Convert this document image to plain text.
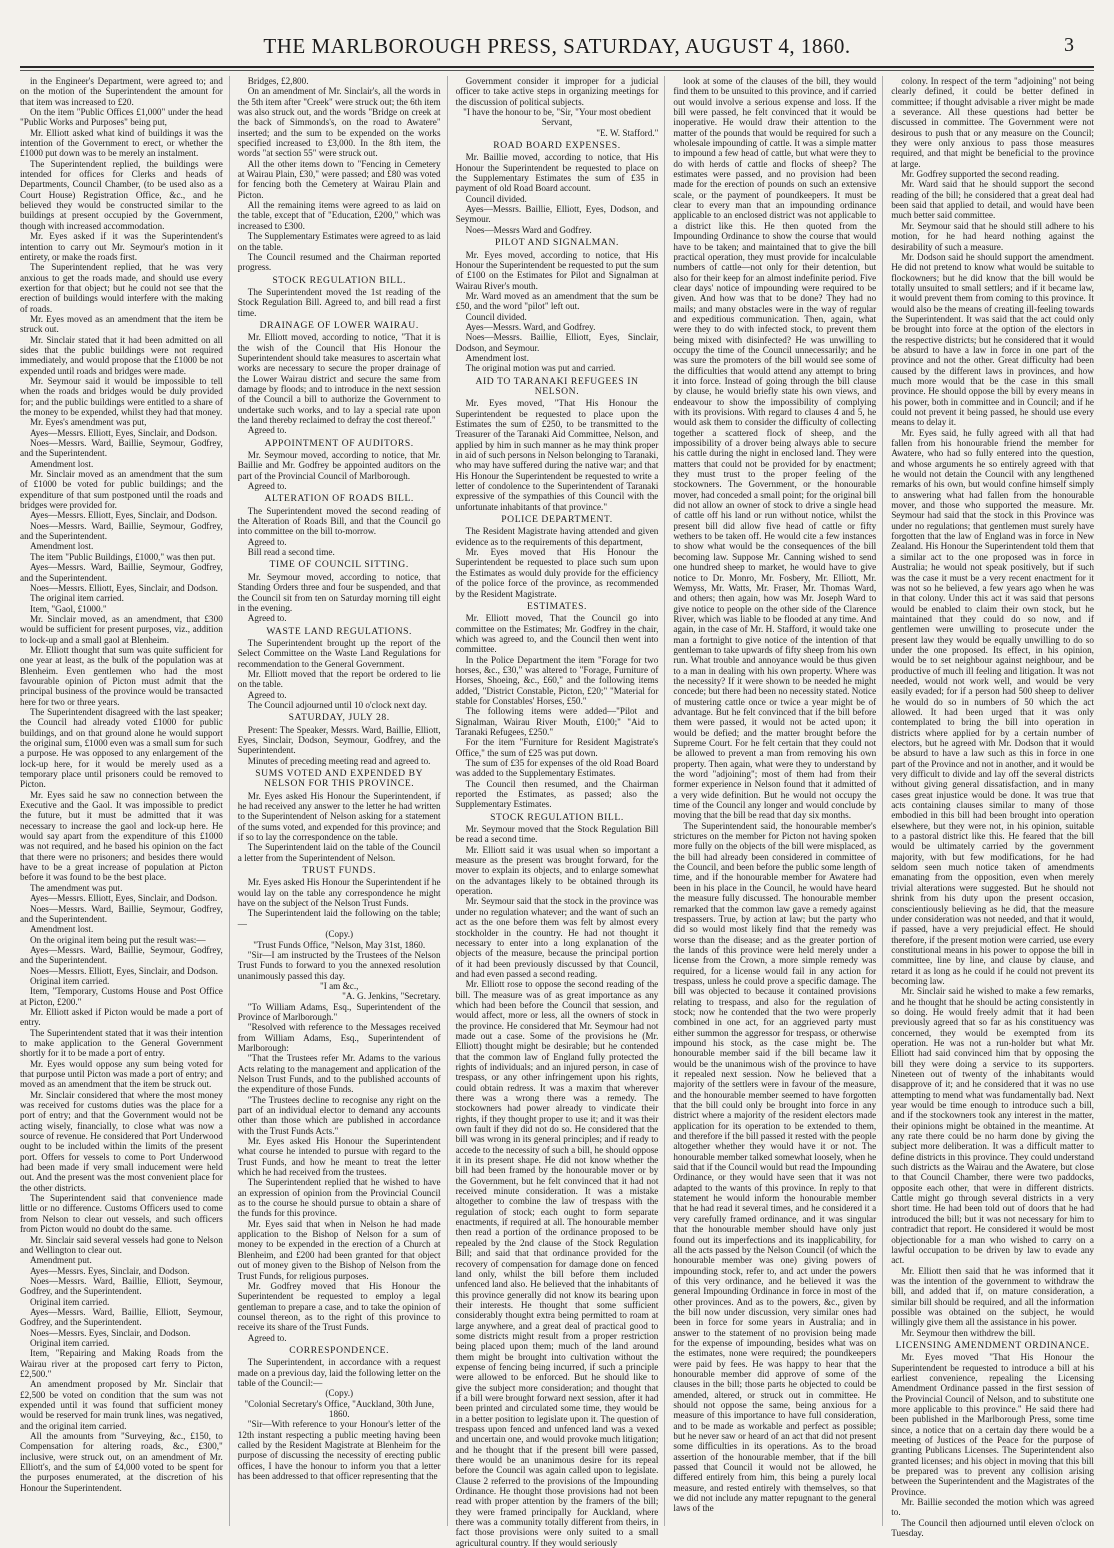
THE MARLBOROUGH PRESS, SATURDAY, AUGUST 4, 1860.	3

in the Engineer's Department, were agreed to; and on the motion of the Superintendent the amount for that item was increased to £20.

On the item "Public Offices £1,000" under the head "Public Works and Purposes" being put,

Mr. Elliott asked what kind of buildings it was the intention of the Government to erect, or whether the £1000 put down was to be merely an instalment.

The Superintendent replied, the buildings were intended for offices for Clerks and heads of Departments, Council Chamber, (to be used also as a Court House) Registration Office, &c., and he believed they would be constructed similar to the buildings at present occupied by the Government, though with increased accommodation.

Mr. Eyes asked if it was the Superintendent's intention to carry out Mr. Seymour's motion in it entirety, or make the roads first.

The Superintendent replied, that he was very anxious to get the roads made, and should use every exertion for that object; but he could not see that the erection of buildings would interfere with the making of roads.

Mr. Eyes moved as an amendment that the item be struck out.

Mr. Sinclair stated that it had been admitted on all sides that the public buildings were not required immediately, and would propose that the £1000 be not expended until roads and bridges were made.

Mr. Seymour said it would be impossible to tell when the roads and bridges would be duly provided for; and the public buildings were entitled to a share of the money to be expended, whilst they had that money.

Mr. Eyes's amendment was put,

Ayes—Messrs. Elliott, Eyes, Sinclair, and Dodson.

Noes—Messrs. Ward, Baillie, Seymour, Godfrey, and the Superintendent.

Amendment lost.

Mr. Sinclair moved as an amendment that the sum of £1000 be voted for public buildings; and the expenditure of that sum postponed until the roads and bridges were provided for.

Ayes—Messrs. Elliott, Eyes, Sinclair, and Dodson.

Noes—Messrs. Ward, Baillie, Seymour, Godfrey, and the Superintendent.

Amendment lost.

The item "Public Buildings, £1000," was then put.

Ayes—Messrs. Ward, Baillie, Seymour, Godfrey, and the Superintendent.

Noes—Messrs. Elliott, Eyes, Sinclair, and Dodson.

The original item carried.

Item, "Gaol, £1000."

Mr. Sinclair moved, as an amendment, that £300 would be sufficient for present purposes, viz., addition to lock-up and a small gaol at Blenheim.

Mr. Elliott thought that sum was quite sufficient for one year at least, as the bulk of the population was at Blenheim. Even gentlemen who had the most favourable opinion of Picton must admit that the principal business of the province would be transacted here for two or three years.

The Superintendent disagreed with the last speaker; the Council had already voted £1000 for public buildings, and on that ground alone he would support the original sum, £1000 even was a small sum for such a purpose. He was opposed to any enlargement of the lock-up here, for it would be merely used as a temporary place until prisoners could be removed to Picton.

Mr. Eyes said he saw no connection between the Executive and the Gaol. It was impossible to predict the future, but it must be admitted that it was necessary to increase the gaol and lock-up here. He would say apart from the expenditure of this £1000 was not required, and he based his opinion on the fact that there were no prisoners; and besides there would have to be a great increase of population at Picton before it was found to be the best place.

The amendment was put.

Ayes—Messrs. Elliott, Eyes, Sinclair, and Dodson.

Noes—Messrs. Ward, Baillie, Seymour, Godfrey, and the Superintendent.

Amendment lost.

On the original item being put the result was:—

Ayes—Messrs. Ward, Baillie, Seymour, Godfrey, and the Superintendent.

Noes—Messrs. Elliott, Eyes, Sinclair, and Dodson.

Original item carried.

Item, "Temporary, Customs House and Post Office at Picton, £200."

Mr. Elliott asked if Picton would be made a port of entry.

The Superintendent stated that it was their intention to make application to the General Government shortly for it to be made a port of entry.

Mr. Eyes would oppose any sum being voted for that purpose until Picton was made a port of entry; and moved as an amendment that the item be struck out.

Mr. Sinclair considered that where the most money was received for customs duties was the place for a port of entry; and that the Government would not be acting wisely, financially, to close what was now a source of revenue. He considered that Port Underwood ought to be included within the limits of the present port. Offers for vessels to come to Port Underwood had been made if very small inducement were held out. And the present was the most convenient place for the other districts.

The Superintendent said that convenience made little or no difference. Customs Officers used to come from Nelson to clear out vessels, and such officers from Picton would no doubt do the same.

Mr. Sinclair said several vessels had gone to Nelson and Wellington to clear out.

Amendment put.

Ayes—Messrs. Eyes, Sinclair, and Dodson.

Noes—Messrs. Ward, Baillie, Elliott, Seymour, Godfrey, and the Superintendent.

Original item carried.

Ayes—Messrs. Ward, Baillie, Elliott, Seymour, Godfrey, and the Superintendent.

Noes—Messrs. Eyes, Sinclair, and Dodson.

Original item carried.

Item, "Repairing and Making Roads from the Wairau river at the proposed cart ferry to Picton, £2,500."

An amendment proposed by Mr. Sinclair that £2,500 be voted on condition that the sum was not expended until it was found that sufficient money would be reserved for main trunk lines, was negatived, and the original item carried.

All the amounts from "Surveying, &c., £150, to Compensation for altering roads, &c., £300," inclusive, were struck out, on an amendment of Mr. Elliott's, and the sum of £4,000 voted to be spent for the purposes enumerated, at the discretion of his Honour the Superintendent.

Bridges, £2,800.

On an amendment of Mr. Sinclair's, all the words in the 5th item after "Creek" were struck out; the 6th item was also struck out, and the words "Bridge on creek at the back of Simmonds's, on the road to Awatere" inserted; and the sum to be expended on the works specified increased to £3,000. In the 8th item, the words "at section 55" were struck out.

All the other items down to "Fencing in Cemetery at Wairau Plain, £30," were passed; and £80 was voted for fencing both the Cemetery at Wairau Plain and Picton.

All the remaining items were agreed to as laid on the table, except that of "Education, £200," which was increased to £300.

The Supplementary Estimates were agreed to as laid on the table.

The Council resumed and the Chairman reported progress.

STOCK REGULATION BILL.

The Superintendent moved the 1st reading of the Stock Regulation Bill. Agreed to, and bill read a first time.

DRAINAGE OF LOWER WAIRAU.

Mr. Elliott moved, according to notice, "That it is the wish of the Council that His Honour the Superintendent should take measures to ascertain what works are necessary to secure the proper drainage of the Lower Wairau district and secure the same from damage by floods; and to introduce in the next session of the Council a bill to authorize the Government to undertake such works, and to lay a special rate upon the land thereby reclaimed to defray the cost thereof."

Agreed to.

APPOINTMENT OF AUDITORS.

Mr. Seymour moved, according to notice, that Mr. Baillie and Mr. Godfrey be appointed auditors on the part of the Provincial Council of Marlborough.

Agreed to.

ALTERATION OF ROADS BILL.

The Superintendent moved the second reading of the Alteration of Roads Bill, and that the Council go into committee on the bill to-morrow.

Agreed to.

Bill read a second time.

TIME OF COUNCIL SITTING.

Mr. Seymour moved, according to notice, that Standing Orders three and four be suspended, and that the Council sit from ten on Saturday morning till eight in the evening.

Agreed to.

WASTE LAND REGULATIONS.

The Superintendent brought up the report of the Select Committee on the Waste Land Regulations for recommendation to the General Government.

Mr. Elliott moved that the report be ordered to lie on the table.

Agreed to.

The Council adjourned until 10 o'clock next day.

SATURDAY, JULY 28.

Present: The Speaker, Messrs. Ward, Baillie, Elliott, Eyes, Sinclair, Dodson, Seymour, Godfrey, and the Superintendent.

Minutes of preceding meeting read and agreed to.

SUMS VOTED AND EXPENDED BY NELSON FOR THIS PROVINCE.

Mr. Eyes asked His Honour the Superintendent, if he had received any answer to the letter he had written to the Superintendent of Nelson asking for a statement of the sums voted, and expended for this province; and if so to lay the correspondence on the table.

The Superintendent laid on the table of the Council a letter from the Superintendent of Nelson.

TRUST FUNDS.

Mr. Eyes asked His Honour the Superintendent if he would lay on the table any correspondence he might have on the subject of the Nelson Trust Funds.

The Superintendent laid the following on the table;—

(Copy.)

"Trust Funds Office, "Nelson, May 31st, 1860.

"Sir—I am instructed by the Trustees of the Nelson Trust Funds to forward to you the annexed resolution unanimously passed this day.

"I am &c.,

"A. G. Jenkins, "Secretary.

"To William Adams, Esq., Superintendent of the Province of Marlborough."

"Resolved with reference to the Messages received from William Adams, Esq., Superintendent of Marlborough:

"That the Trustees refer Mr. Adams to the various Acts relating to the management and application of the Nelson Trust Funds, and to the published accounts of the expenditure of those Funds.

"The Trustees decline to recognise any right on the part of an individual elector to demand any accounts other than those which are published in accordance with the Trust Funds Acts."

Mr. Eyes asked His Honour the Superintendent what course he intended to pursue with regard to the Trust Funds, and how he meant to treat the letter which he had received from the trustees.

The Superintendent replied that he wished to have an expression of opinion from the Provincial Council as to the course he should pursue to obtain a share of the funds for this province.

Mr. Eyes said that when in Nelson he had made application to the Bishop of Nelson for a sum of money to be expended in the erection of a Church at Blenheim, and £200 had been granted for that object out of money given to the Bishop of Nelson from the Trust Funds, for religious purposes.

Mr. Godfrey moved that His Honour the Superintendent be requested to employ a legal gentleman to prepare a case, and to take the opinion of counsel thereon, as to the right of this province to receive its share of the Trust Funds.

Agreed to.

CORRESPONDENCE.

The Superintendent, in accordance with a request made on a previous day, laid the following letter on the table of the Council:—

(Copy.)

"Colonial Secretary's Office, "Auckland, 30th June, 1860.

"Sir—With reference to your Honour's letter of the 12th instant respecting a public meeting having been called by the Resident Magistrate at Blenheim for the purpose of discussing the necessity of erecting public offices, I have the honour to inform you that a letter has been addressed to that officer representing that the

Government consider it improper for a judicial officer to take active steps in organizing meetings for the discussion of political subjects.

"I have the honour to be, "Sir, "Your most obedient Servant,

"E. W. Stafford."

ROAD BOARD EXPENSES.

Mr. Baillie moved, according to notice, that His Honour the Superintendent be requested to place on the Supplementary Estimates the sum of £35 in payment of old Road Board account.

Council divided.

Ayes—Messrs. Baillie, Elliott, Eyes, Dodson, and Seymour.

Noes—Messrs Ward and Godfrey.

PILOT AND SIGNALMAN.

Mr. Eyes moved, according to notice, that His Honour the Superintendent be requested to put the sum of £100 on the Estimates for Pilot and Signalman at Wairau River's mouth.

Mr. Ward moved as an amendment that the sum be £50, and the word "pilot" left out.

Council divided.

Ayes—Messrs. Ward, and Godfrey.

Noes—Messrs. Baillie, Elliott, Eyes, Sinclair, Dodson, and Seymour.

Amendment lost.

The original motion was put and carried.

AID TO TARANAKI REFUGEES IN NELSON.

Mr. Eyes moved, "That His Honour the Superintendent be requested to place upon the Estimates the sum of £250, to be transmitted to the Treasurer of the Taranaki Aid Committee, Nelson, and applied by him in such manner as he may think proper in aid of such persons in Nelson belonging to Taranaki, who may have suffered during the native war; and that His Honour the Superintendent be requested to write a letter of condolence to the Superintendent of Taranaki expressive of the sympathies of this Council with the unfortunate inhabitants of that province."

POLICE DEPARTMENT.

The Resident Magistrate having attended and given evidence as to the requirements of this department,

Mr. Eyes moved that His Honour the Superintendent be requested to place such sum upon the Estimates as would duly provide for the efficiency of the police force of the province, as recommended by the Resident Magistrate.

ESTIMATES.

Mr. Elliott moved, That the Council go into committee on the Estimates; Mr. Godfrey in the chair, which was agreed to, and the Council then went into committee.

In the Police Department the item "Forage for two horses, &c., £30," was altered to "Forage, Furniture of Horses, Shoeing, &c., £60," and the following items added, "District Constable, Picton, £20;" "Material for stable for Constables' Horses, £50."

The following items were added—"Pilot and Signalman, Wairau River Mouth, £100;" "Aid to Taranaki Refugees, £250."

For the item "Furniture for Resident Magistrate's Office," the sum of £25 was put down.

The sum of £35 for expenses of the old Road Board was added to the Supplementary Estimates.

The Council then resumed, and the Chairman reported the Estimates, as passed; also the Supplementary Estimates.

STOCK REGULATION BILL.

Mr. Seymour moved that the Stock Regulation Bill be read a second time.

Mr. Elliott said it was usual when so important a measure as the present was brought forward, for the mover to explain its objects, and to enlarge somewhat on the advantages likely to be obtained through its operation.

Mr. Seymour said that the stock in the province was under no regulation whatever; and the want of such an act as the one before them was felt by almost every stockholder in the country. He had not thought it necessary to enter into a long explanation of the objects of the measure, because the principal portion of it had been previously discussed by that Council, and had even passed a second reading.

Mr. Elliott rose to oppose the second reading of the bill. The measure was of as great importance as any which had been before the Council that session, and would affect, more or less, all the owners of stock in the province. He considered that Mr. Seymour had not made out a case. Some of the provisions he (Mr. Elliott) thought might be desirable; but he contended that the common law of England fully protected the rights of individuals; and an injured person, in case of trespass, or any other infringement upon his rights, could obtain redress. It was a maxim that wherever there was a wrong there was a remedy. The stockowners had power already to vindicate their rights, if they thought proper to use it; and it was their own fault if they did not do so. He considered that the bill was wrong in its general principles; and if ready to accede to the necessity of such a bill, he should oppose it in its present shape. He did not know whether the bill had been framed by the honourable mover or by the Government, but he felt convinced that it had not received minute consideration. It was a mistake altogether to combine the law of trespass with the regulation of stock; each ought to form separate enactments, if required at all. The honourable member then read a portion of the ordinance proposed to be repealed by the 2nd clause of the Stock Regulation Bill; and said that that ordinance provided for the recovery of compensation for damage done on fenced land only, whilst the bill before them included unfenced land also. He believed that the inhabitants of this province generally did not know its bearing upon their interests. He thought that some sufficient considerably thought extra being permitted to roam at large anywhere, and a great deal of practical good to some districts might result from a proper restriction being placed upon them; much of the land around them might be brought into cultivation without the expense of fencing being incurred, if such a principle were allowed to be enforced. But he should like to give the subject more consideration; and thought that if a bill were brought forward next session, after it had been printed and circulated some time, they would be in a better position to legislate upon it. The question of trespass upon fenced and unfenced land was a vexed and uncertain one, and would provoke much litigation; and he thought that if the present bill were passed, there would be an unanimous desire for its repeal before the Council was again called upon to legislate. Clause 2 referred to the provisions of the Impounding Ordinance. He thought those provisions had not been read with proper attention by the framers of the bill; they were framed principally for Auckland, where there was a community totally different from theirs, in fact those provisions were only suited to a small agricultural country. If they would seriously

look at some of the clauses of the bill, they would find them to be unsuited to this province, and if carried out would involve a serious expense and loss. If the bill were passed, he felt convinced that it would be inoperative. He would draw their attention to the matter of the pounds that would be required for such a wholesale impounding of cattle. It was a simple matter to impound a few head of cattle, but what were they to do with herds of cattle and flocks of sheep? The estimates were passed, and no provision had been made for the erection of pounds on such an extensive scale, or the payment of poundkeepers. It must be clear to every man that an impounding ordinance applicable to an enclosed district was not applicable to a district like this. He then quoted from the Impounding Ordinance to show the course that would have to be taken; and maintained that to give the bill practical operation, they must provide for incalculable numbers of cattle—not only for their detention, but also for their keep for an almost indefinite period. Five clear days' notice of impounding were required to be given. And how was that to be done? They had no mails; and many obstacles were in the way of regular and expeditious communication. Then, again, what were they to do with infected stock, to prevent them being mixed with disinfected? He was unwilling to occupy the time of the Council unnecessarily; and he was sure the promoters of the bill would see some of the difficulties that would attend any attempt to bring it into force. Instead of going through the bill clause by clause, he would briefly state his own views, and endeavour to show the impossibility of complying with its provisions. With regard to clauses 4 and 5, he would ask them to consider the difficulty of collecting together a scattered flock of sheep, and the impossibility of a drover being always able to secure his cattle during the night in enclosed land. They were matters that could not be provided for by enactment; they must trust to the proper feeling of the stockowners. The Government, or the honourable mover, had conceded a small point; for the original bill did not allow an owner of stock to drive a single head of cattle off his land or run without notice, whilst the present bill did allow five head of cattle or fifty wethers to be taken off. He would cite a few instances to show what would be the consequences of the bill becoming law. Suppose Mr. Canning wished to send one hundred sheep to market, he would have to give notice to Dr. Monro, Mr. Fosbery, Mr. Elliott, Mr. Wemyss, Mr. Watts, Mr. Fraser, Mr. Thomas Ward, and others; then again, how was Mr. Joseph Ward to give notice to people on the other side of the Clarence River, which was liable to be flooded at any time. And again, in the case of Mr. H. Stafford, it would take one man a fortnight to give notice of the intention of that gentleman to take upwards of fifty sheep from his own run. What trouble and annoyance would be thus given to a man in dealing with his own property. Where was the necessity? If it were shown to be needed he might concede; but there had been no necessity stated. Notice of mustering cattle once or twice a year might be of advantage. But he felt convinced that if the bill before them were passed, it would not be acted upon; it would be defied; and the matter brought before the Supreme Court. For he felt certain that they could not be allowed to prevent a man from removing his own property. Then again, what were they to understand by the word "adjoining"; most of them had from their former experience in Nelson found that it admitted of a very wide definition. But he would not occupy the time of the Council any longer and would conclude by moving that the bill be read that day six months.

The Superintendent said, the honourable member's strictures on the member for Picton not having spoken more fully on the objects of the bill were misplaced, as the bill had already been considered in committee of the Council, and been before the public some length of time, and if the honourable member for Awatere had been in his place in the Council, he would have heard the measure fully discussed. The honourable member remarked that the common law gave a remedy against trespassers. True, by action at law; but the party who did so would most likely find that the remedy was worse than the disease; and as the greater portion of the lands of this province were held merely under a license from the Crown, a more simple remedy was required, for a license would fail in any action for trespass, unless he could prove a specific damage. The bill was objected to because it contained provisions relating to trespass, and also for the regulation of stock; now he contended that the two were properly combined in one act, for an aggrieved party must either summon the aggressor for trespass, or otherwise impound his stock, as the case might be. The honourable member said if the bill became law it would be the unanimous wish of the province to have it repealed next session. Now he believed that a majority of the settlers were in favour of the measure, and the honourable member seemed to have forgotten that the bill could only be brought into force in any district where a majority of the resident electors made application for its operation to be extended to them, and therefore if the bill passed it rested with the people altogether whether they would have it or not. The honourable member talked somewhat loosely, when he said that if the Council would but read the Impounding Ordinance, or they would have seen that it was not adapted to the wants of this province. In reply to that statement he would inform the honourable member that he had read it several times, and he considered it a very carefully framed ordinance, and it was singular that the honourable member should have only just found out its imperfections and its inapplicability, for all the acts passed by the Nelson Council (of which the honourable member was one) giving powers of impounding stock, refer to, and act under the powers of this very ordinance, and he believed it was the general Impounding Ordinance in force in most of the other provinces. And as to the powers, &c., given by the bill now under discussion, very similar ones had been in force for some years in Australia; and in answer to the statement of no provision being made for the expense of impounding, besides what was on the estimates, none were required; the poundkeepers were paid by fees. He was happy to hear that the honourable member did approve of some of the clauses in the bill; those parts he objected to could be amended, altered, or struck out in committee. He should not oppose the same, being anxious for a measure of this importance to have full consideration, and to be made as workable and perfect as possible; but he never saw or heard of an act that did not present some difficulties in its operations. As to the broad assertion of the honourable member, that if the bill passed that Council it would not be allowed, he differed entirely from him, this being a purely local measure, and rested entirely with themselves, so that we did not include any matter repugnant to the general laws of the

colony. In respect of the term "adjoining" not being clearly defined, it could be better defined in committee; if thought advisable a river might be made a severance. All these questions had better be discussed in committee. The Government were not desirous to push that or any measure on the Council; they were only anxious to pass those measures required, and that might be beneficial to the province at large.

Mr. Godfrey supported the second reading.

Mr. Ward said that he should support the second reading of the bill; he considered that a great deal had been said that applied to detail, and would have been much better said committee.

Mr. Seymour said that he should still adhere to his motion, for he had heard nothing against the desirability of such a measure.

Mr. Dodson said he should support the amendment. He did not pretend to know what would be suitable to flockowners; but he did know that the bill would be totally unsuited to small settlers; and if it became law, it would prevent them from coming to this province. It would also be the means of creating ill-feeling towards the Superintendent. It was said that the act could only be brought into force at the option of the electors in the respective districts; but he considered that it would be absurd to have a law in force in one part of the province and not the other. Great difficulty had been caused by the different laws in provinces, and how much more would that be the case in this small province. He should oppose the bill by every means in his power, both in committee and in Council; and if he could not prevent it being passed, he should use every means to delay it.

Mr. Eyes said, he fully agreed with all that had fallen from his honourable friend the member for Awatere, who had so fully entered into the question, and whose arguments he so entirely agreed with that he would not detain the Council with any lengthened remarks of his own, but would confine himself simply to answering what had fallen from the honourable mover, and those who supported the measure. Mr. Seymour had said that the stock in this Province was under no regulations; that gentlemen must surely have forgotten that the law of England was in force in New Zealand. His Honour the Superintendent told them that a similar act to the one proposed was in force in Australia; he would not speak positively, but if such was the case it must be a very recent enactment for it was not so he believed, a few years ago when he was in that colony. Under this act it was said that persons would be enabled to claim their own stock, but he maintained that they could do so now, and if gentlemen were unwilling to prosecute under the present law they would be equally unwilling to do so under the one proposed. Its effect, in his opinion, would be to set neighbour against neighbour, and be productive of much ill feeling and litigation. It was not needed, would not work well, and would be very easily evaded; for if a person had 500 sheep to deliver he would do so in numbers of 50 which the act allowed. It had been urged that it was only contemplated to bring the bill into operation in districts where applied for by a certain number of electors, but he agreed with Mr. Dodson that it would be absurd to have a law such as this in force in one part of the Province and not in another, and it would be very difficult to divide and lay off the several districts without giving general dissatisfaction, and in many cases great injustice would be done. It was true that acts containing clauses similar to many of those embodied in this bill had been brought into operation elsewhere, but they were not, in his opinion, suitable to a pastoral district like this. He feared that the bill would be ultimately carried by the government majority, with but few modifications, for he had seldom seen much notice taken of amendments emanating from the opposition, even when merely trivial alterations were suggested. But he should not shrink from his duty upon the present occasion, conscientiously believing as he did, that the measure under consideration was not needed, and that it would, if passed, have a very prejudicial effect. He should therefore, if the present motion were carried, use every constitutional means in his power to oppose the bill in committee, line by line, and clause by clause, and retard it as long as he could if he could not prevent its becoming law.

Mr. Sinclair said he wished to make a few remarks, and he thought that he should be acting consistently in so doing. He would freely admit that it had been previously agreed that so far as his constituency was concerned, they would be exempted from its operation. He was not a run-holder but what Mr. Elliott had said convinced him that by opposing the bill they were doing a service to its supporters. Nineteen out of twenty of the inhabitants would disapprove of it; and he considered that it was no use attempting to mend what was fundamentally bad. Next year would be time enough to introduce such a bill, and if the stockowners took any interest in the matter, their opinions might be obtained in the meantime. At any rate there could be no harm done by giving the subject more deliberation. It was a difficult matter to define districts in this province. They could understand such districts as the Wairau and the Awatere, but close to that Council Chamber, there were two paddocks, opposite each other, that were in different districts. Cattle might go through several districts in a very short time. He had been told out of doors that he had introduced the bill; but it was not necessary for him to contradict that report. He considered it would be most objectionable for a man who wished to carry on a lawful occupation to be driven by law to evade any act.

Mr. Elliott then said that he was informed that it was the intention of the government to withdraw the bill, and added that if, on mature consideration, a similar bill should be required, and all the information possible was obtained on the subject, he would willingly give them all the assistance in his power.

Mr. Seymour then withdrew the bill.

LICENSING AMENDMENT ORDINANCE.

Mr. Eyes moved "That His Honour the Superintendent be requested to introduce a bill at his earliest convenience, repealing the Licensing Amendment Ordinance passed in the first session of the Provincial Council of Nelson, and to substitute one more applicable to this province." He said there had been published in the Marlborough Press, some time since, a notice that on a certain day there would be a meeting of Justices of the Peace for the purpose of granting Publicans Licenses. The Superintendent also granted licenses; and his object in moving that this bill be prepared was to prevent any collision arising between the Superintendent and the Magistrates of the Province.

Mr. Baillie seconded the motion which was agreed to.

The Council then adjourned until eleven o'clock on Tuesday.
